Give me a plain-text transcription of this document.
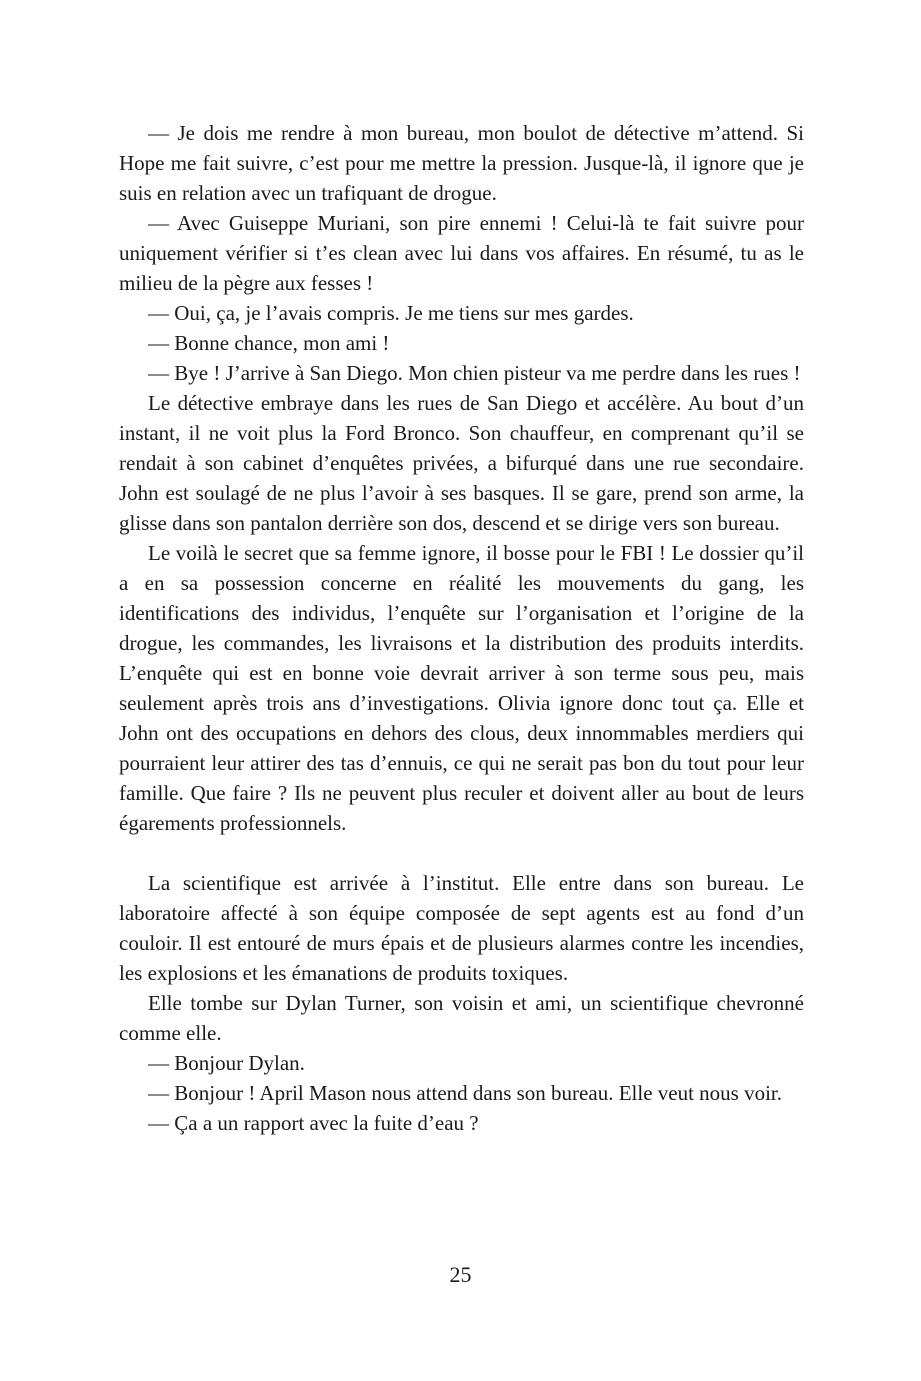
— Je dois me rendre à mon bureau, mon boulot de détective m’attend. Si Hope me fait suivre, c’est pour me mettre la pression. Jusque-là, il ignore que je suis en relation avec un trafiquant de drogue.

— Avec Guiseppe Muriani, son pire ennemi ! Celui-là te fait suivre pour uniquement vérifier si t’es clean avec lui dans vos affaires. En résumé, tu as le milieu de la pègre aux fesses !

— Oui, ça, je l’avais compris. Je me tiens sur mes gardes.

— Bonne chance, mon ami !

— Bye ! J’arrive à San Diego. Mon chien pisteur va me perdre dans les rues !

Le détective embraye dans les rues de San Diego et accélère. Au bout d’un instant, il ne voit plus la Ford Bronco. Son chauffeur, en comprenant qu’il se rendait à son cabinet d’enquêtes privées, a bifurqué dans une rue secondaire. John est soulagé de ne plus l’avoir à ses basques. Il se gare, prend son arme, la glisse dans son pantalon derrière son dos, descend et se dirige vers son bureau.

Le voilà le secret que sa femme ignore, il bosse pour le FBI ! Le dossier qu’il a en sa possession concerne en réalité les mouvements du gang, les identifications des individus, l’enquête sur l’organisation et l’origine de la drogue, les commandes, les livraisons et la distribution des produits interdits. L’enquête qui est en bonne voie devrait arriver à son terme sous peu, mais seulement après trois ans d’investigations. Olivia ignore donc tout ça. Elle et John ont des occupations en dehors des clous, deux innommables merdiers qui pourraient leur attirer des tas d’ennuis, ce qui ne serait pas bon du tout pour leur famille. Que faire ? Ils ne peuvent plus reculer et doivent aller au bout de leurs égarements professionnels.

La scientifique est arrivée à l’institut. Elle entre dans son bureau. Le laboratoire affecté à son équipe composée de sept agents est au fond d’un couloir. Il est entouré de murs épais et de plusieurs alarmes contre les incendies, les explosions et les émanations de produits toxiques.

Elle tombe sur Dylan Turner, son voisin et ami, un scientifique chevronné comme elle.

— Bonjour Dylan.

— Bonjour ! April Mason nous attend dans son bureau. Elle veut nous voir.

— Ça a un rapport avec la fuite d’eau ?

25
